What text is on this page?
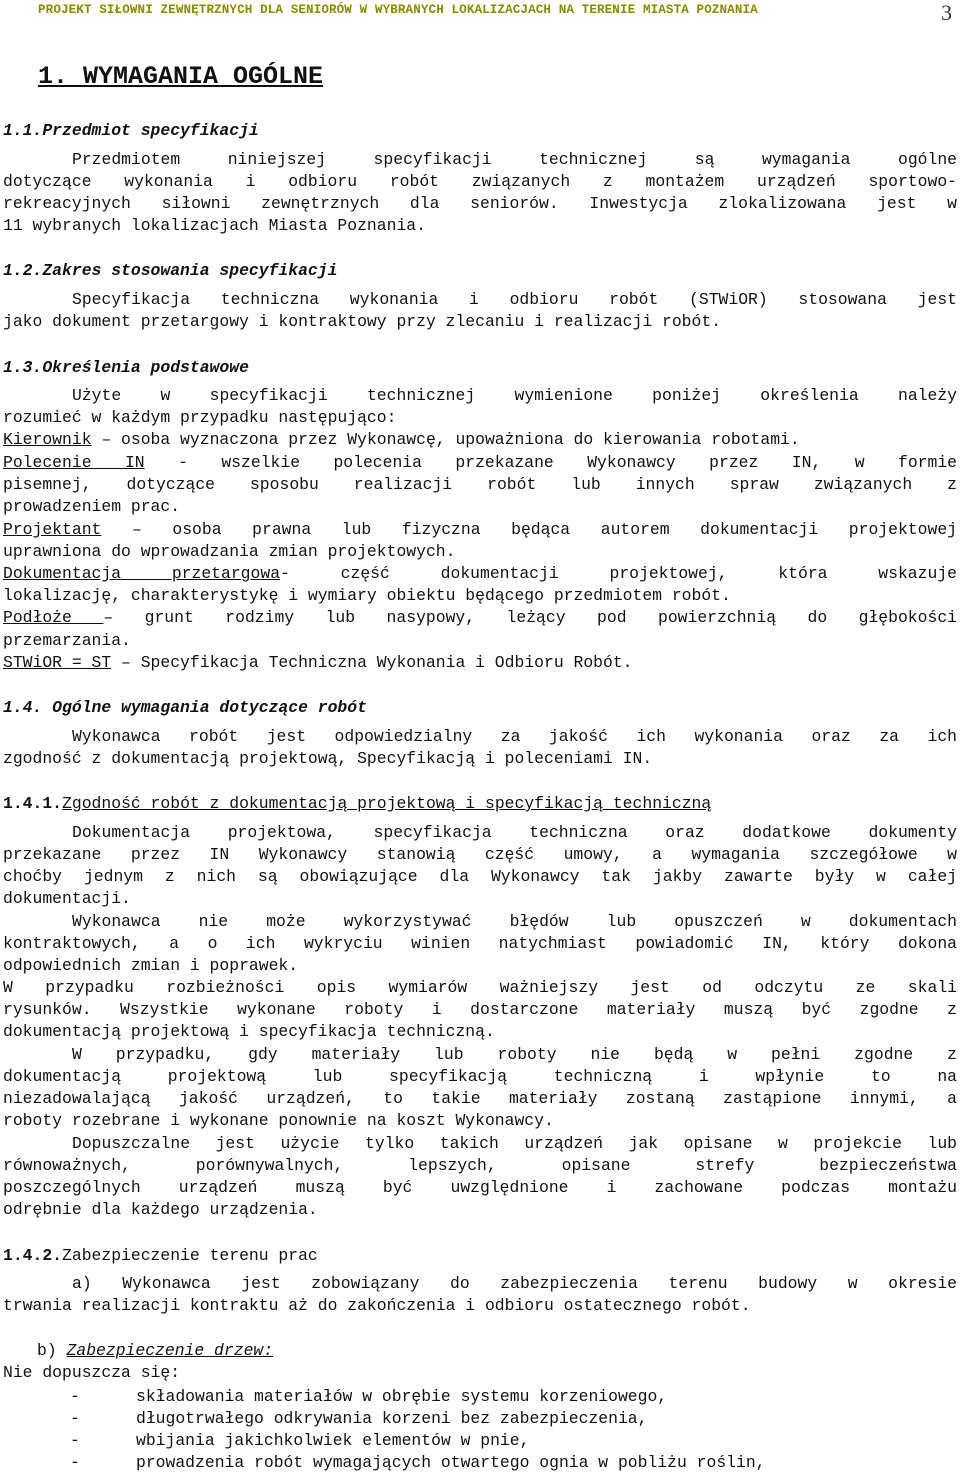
PROJEKT SIŁOWNI ZEWNĘTRZNYCH DLA SENIORÓW W WYBRANYCH LOKALIZACJACH NA TERENIE MIASTA POZNANIA	3
1. WYMAGANIA OGÓLNE
1.1.Przedmiot specyfikacji
Przedmiotem niniejszej specyfikacji technicznej są wymagania ogólne
dotyczące wykonania i odbioru robót związanych z montażem urządzeń sportowo-
rekreacyjnych siłowni zewnętrznych dla seniorów. Inwestycja zlokalizowana jest w
11 wybranych lokalizacjach Miasta Poznania.
1.2.Zakres stosowania specyfikacji
Specyfikacja techniczna wykonania i odbioru robót (STWiOR) stosowana jest
jako dokument przetargowy i kontraktowy przy zlecaniu i realizacji robót.
1.3.Określenia podstawowe
Użyte w specyfikacji technicznej wymienione poniżej określenia należy
rozumieć w każdym przypadku następująco:
Kierownik – osoba wyznaczona przez Wykonawcę, upoważniona do kierowania robotami.
Polecenie IN - wszelkie polecenia przekazane Wykonawcy przez IN, w formie
pisemnej, dotyczące sposobu realizacji robót lub innych spraw związanych z
prowadzeniem prac.
Projektant – osoba prawna lub fizyczna będąca autorem dokumentacji projektowej
uprawniona do wprowadzania zmian projektowych.
Dokumentacja przetargowa- część dokumentacji projektowej, która wskazuje
lokalizację, charakterystykę i wymiary obiektu będącego przedmiotem robót.
Podłoże – grunt rodzimy lub nasypowy, leżący pod powierzchnią do głębokości
przemarzania.
STWiOR = ST – Specyfikacja Techniczna Wykonania i Odbioru Robót.
1.4. Ogólne wymagania dotyczące robót
Wykonawca robót jest odpowiedzialny za jakość ich wykonania oraz za ich
zgodność z dokumentacją projektową, Specyfikacją i poleceniami IN.
1.4.1.Zgodność robót z dokumentacją projektową i specyfikacją techniczną
Dokumentacja projektowa, specyfikacja techniczna oraz dodatkowe dokumenty
przekazane przez IN Wykonawcy stanowią część umowy, a wymagania szczegółowe w
choćby jednym z nich są obowiązujące dla Wykonawcy tak jakby zawarte były w całej
dokumentacji.
Wykonawca nie może wykorzystywać błędów lub opuszczeń w dokumentach
kontraktowych, a o ich wykryciu winien natychmiast powiadomić IN, który dokona
odpowiednich zmian i poprawek.
W przypadku rozbieżności opis wymiarów ważniejszy jest od odczytu ze skali
rysunków. Wszystkie wykonane roboty i dostarczone materiały muszą być zgodne z
dokumentacją projektową i specyfikacja techniczną.
W przypadku, gdy materiały lub roboty nie będą w pełni zgodne z
dokumentacją projektową lub specyfikacją techniczną i wpłynie to na
niezadowalającą jakość urządzeń, to takie materiały zostaną zastąpione innymi, a
roboty rozebrane i wykonane ponownie na koszt Wykonawcy.
Dopuszczalne jest użycie tylko takich urządzeń jak opisane w projekcie lub
równoważnych, porównywalnych, lepszych, opisane strefy bezpieczeństwa
poszczególnych urządzeń muszą być uwzględnione i zachowane podczas montażu
odrębnie dla każdego urządzenia.
1.4.2.Zabezpieczenie terenu prac
a) Wykonawca jest zobowiązany do zabezpieczenia terenu budowy w okresie
trwania realizacji kontraktu aż do zakończenia i odbioru ostatecznego robót.
b) Zabezpieczenie drzew:
Nie dopuszcza się:
-	składowania materiałów w obrębie systemu korzeniowego,
-	długotrwałego odkrywania korzeni bez zabezpieczenia,
-	wbijania jakichkolwiek elementów w pnie,
-	prowadzenia robót wymagających otwartego ognia w pobliżu roślin,
